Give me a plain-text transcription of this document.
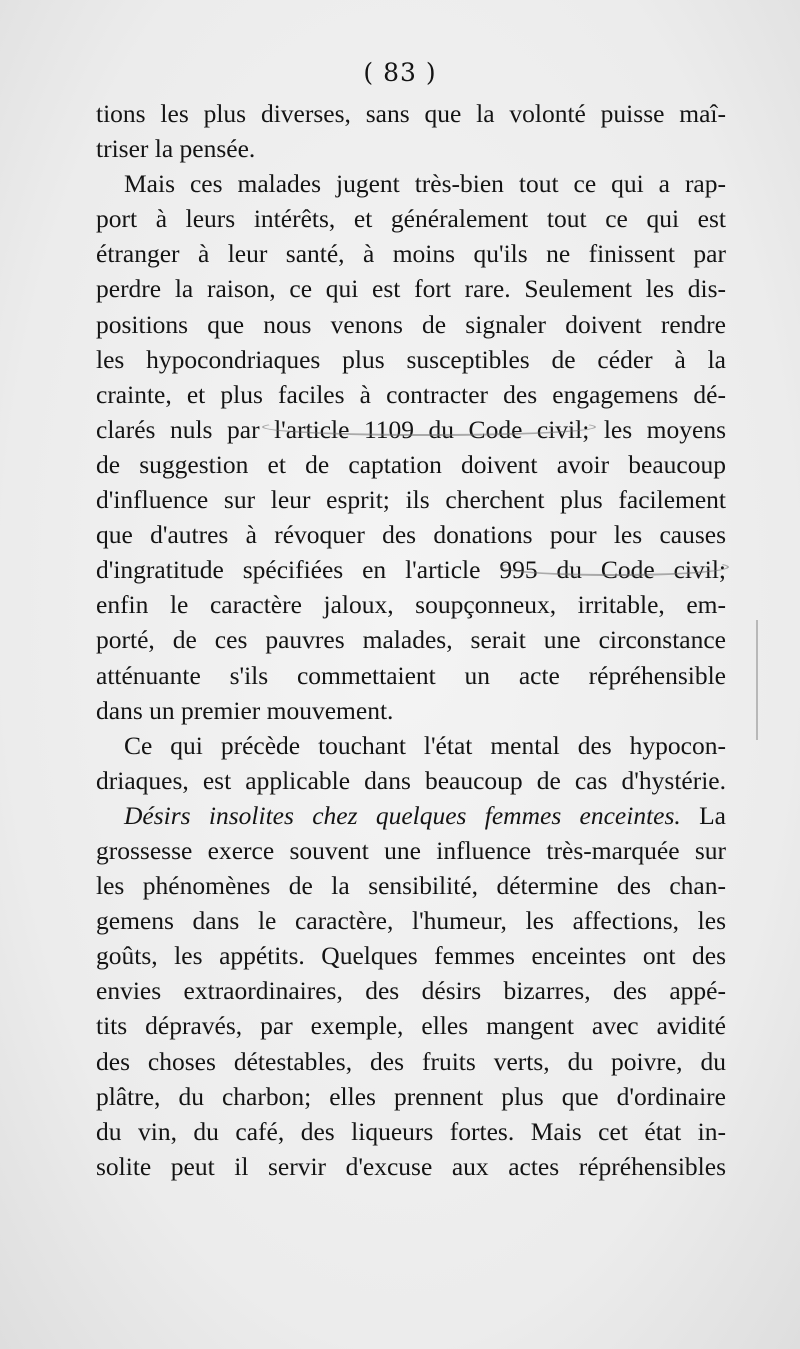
( 83 )
tions les plus diverses, sans que la volonté puisse maî-
triser la pensée.
Mais ces malades jugent très-bien tout ce qui a rap-
port à leurs intérêts, et généralement tout ce qui est
étranger à leur santé, à moins qu'ils ne finissent par
perdre la raison, ce qui est fort rare. Seulement les dis-
positions que nous venons de signaler doivent rendre
les hypocondriaques plus susceptibles de céder à la
crainte, et plus faciles à contracter des engagemens dé-
clarés nuls par l'article 1109 du Code civil; les moyens
de suggestion et de captation doivent avoir beaucoup
d'influence sur leur esprit; ils cherchent plus facilement
que d'autres à révoquer des donations pour les causes
d'ingratitude spécifiées en l'article 995 du Code civil;
enfin le caractère jaloux, soupçonneux, irritable, em-
porté, de ces pauvres malades, serait une circonstance
atténuante s'ils commettaient un acte répréhensible
dans un premier mouvement.
Ce qui précède touchant l'état mental des hypocon-
driaques, est applicable dans beaucoup de cas d'hystérie.
Désirs insolites chez quelques femmes enceintes. La
grossesse exerce souvent une influence très-marquée sur
les phénomènes de la sensibilité, détermine des chan-
gemens dans le caractère, l'humeur, les affections, les
goûts, les appétits. Quelques femmes enceintes ont des
envies extraordinaires, des désirs bizarres, des appé-
tits dépravés, par exemple, elles mangent avec avidité
des choses détestables, des fruits verts, du poivre, du
plâtre, du charbon; elles prennent plus que d'ordinaire
du vin, du café, des liqueurs fortes. Mais cet état in-
solite peut il servir d'excuse aux actes répréhensibles
